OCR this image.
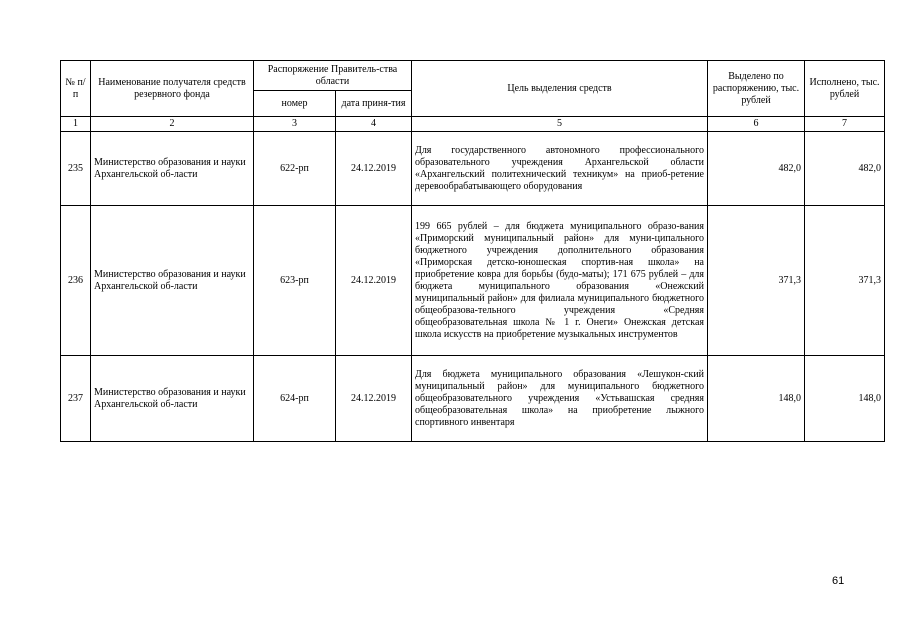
№ п/п	Наименование получателя средств резервного фонда	Распоряжение Правитель-ства области		Цель выделения средств	Выделено по распоряжению, тыс. рублей	Исполнено, тыс. рублей
		номер	дата приня-тия			
1	2	3	4	5	6	7
235	Министерство образования и науки Архангельской об-ласти	622-рп	24.12.2019	Для государственного автономного профессионального образовательного учреждения Архангельской области «Архангельский политехнический техникум» на приоб-ретение деревообрабатывающего оборудования	482,0	482,0
236	Министерство образования и науки Архангельской об-ласти	623-рп	24.12.2019	199 665 рублей – для бюджета муниципального образо-вания «Приморский муниципальный район» для муни-ципального бюджетного учреждения дополнительного образования «Приморская детско-юношеская спортив-ная школа» на приобретение ковра для борьбы (будо-маты); 171 675 рублей – для бюджета муниципального образования «Онежский муниципальный район» для филиала муниципального бюджетного общеобразова-тельного учреждения «Средняя общеобразовательная школа № 1 г. Онеги» Онежская детская школа искусств на приобретение музыкальных инструментов	371,3	371,3
237	Министерство образования и науки Архангельской об-ласти	624-рп	24.12.2019	Для бюджета муниципального образования «Лешукон-ский муниципальный район» для муниципального бюджетного общеобразовательного учреждения «Устьвашская средняя общеобразовательная школа» на приобретение лыжного спортивного инвентаря	148,0	148,0
61
